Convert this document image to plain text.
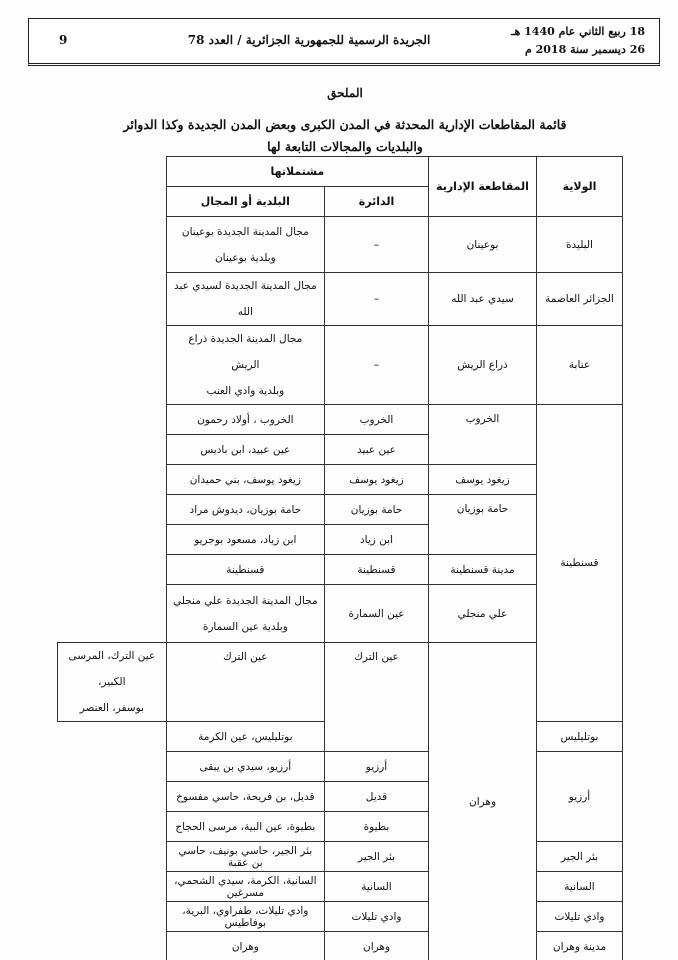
9	الجريدة الرسمية للجمهورية الجزائرية / العدد 78
18 ربيع الثاني عام 1440 هـ
26 ديسمبر سنة 2018 م
الملحق
قائمة المقاطعات الإدارية المحدثة في المدن الكبرى وبعض المدن الجديدة وكذا الدوائر
والبلديات والمجالات التابعة لها
الولاية	المقاطعة الإدارية	مشتملاتها		
		الدائرة	البلدية أو المجال	
البليدة	بوعينان	–	مجال المدينة الجديدة بوعينان
وبلدية بوعينان	

الجزائر العاصمة	سيدي عبد الله	–	مجال المدينة الجديدة لسيدي عبد الله	
عنابة	ذراع الريش	–	مجال المدينة الجديدة ذراع الريش
وبلدية وادي العنب	

قسنطينة	الخروب	الخروب	الخروب ، أولاد رحمون	
		عين عبيد	عين عبيد، ابن باديس	
	زيغود يوسف	زيغود يوسف	زيغود يوسف، بني حميدان	
	حامة بوزيان	حامة بوزيان	حامة بوزيان، ديدوش مراد	
		ابن زياد	ابن زياد، مسعود بوجريو	
	مدينة قسنطينة	قسنطينة	قسنطينة	
	علي منجلي	عين السمارة	مجال المدينة الجديدة علي منجلي
وبلدية عين السمارة	

	وهران	عين الترك	عين الترك	عين الترك، المرسى الكبير،
بوسفر، العنصر

بوتليليس			بوتليليس، عين الكرمة	
أرزيو		أرزيو	أرزيو، سيدي بن يبقى	
		قديل	قديل، بن فريحة، حاسي مفسوخ	
		بطيوة	بطيوة، عين البية، مرسى الحجاج	
بئر الجير		بئر الجير	بئر الجير، حاسي بونيف، حاسي بن عقبة	
السانية		السانية	السانية، الكرمة، سيدي الشحمي، مسرغين	
وادي تليلات		وادي تليلات	وادي تليلات، طفراوي، البرية، بوفاطيس	
مدينة وهران		وهران	وهران	
